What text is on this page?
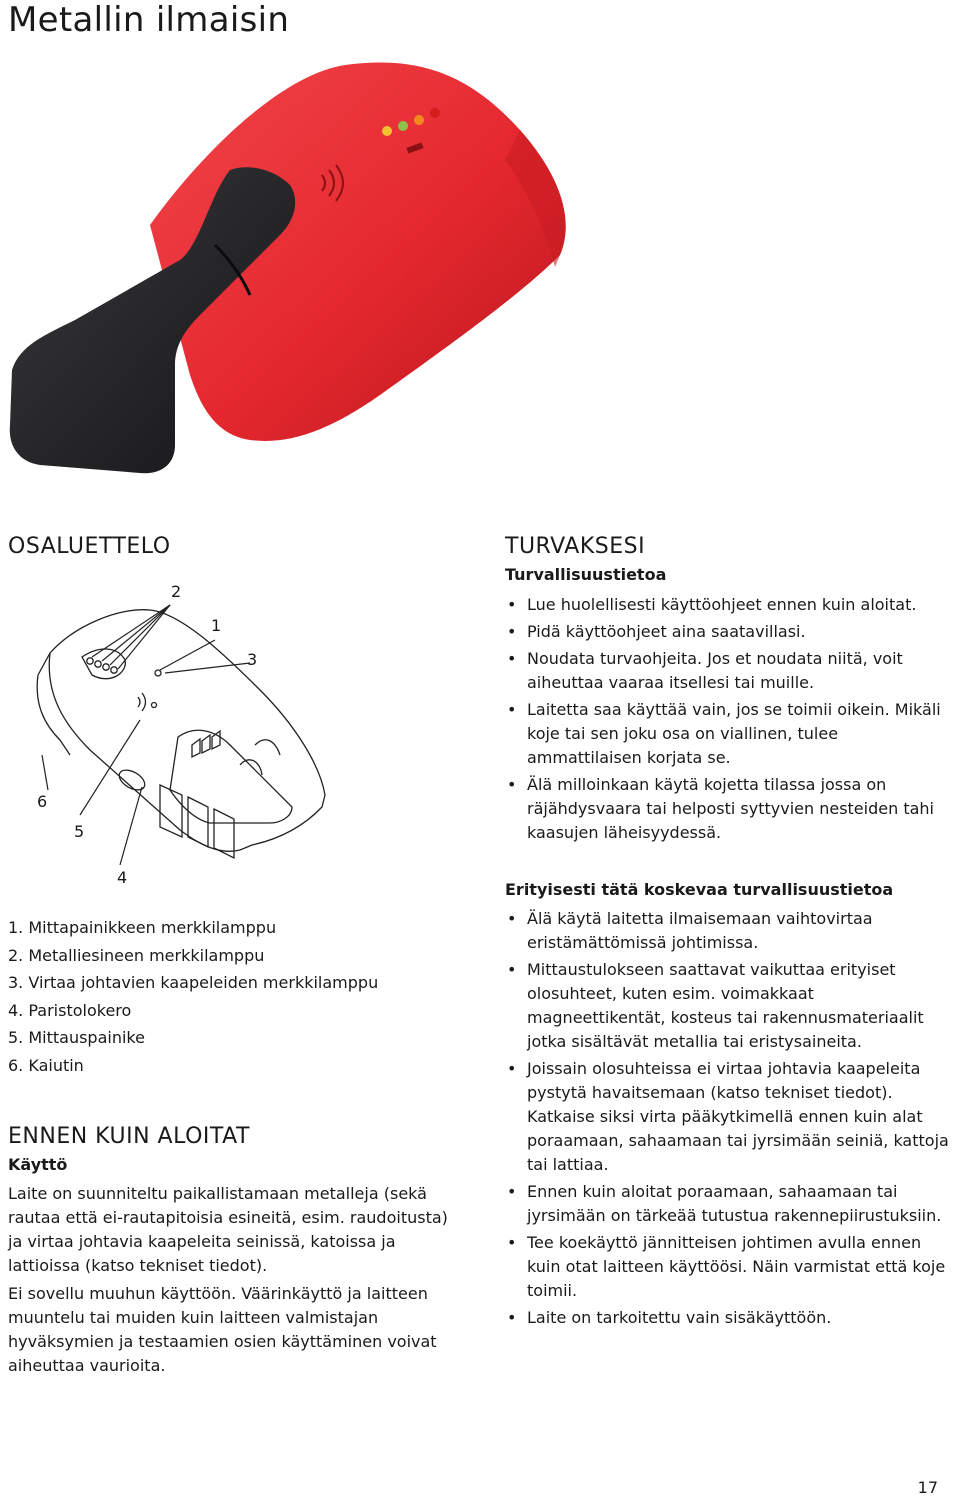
Metallin ilmaisin
OSALUETTELO
2
1
3
6
5
4
1. Mittapainikkeen merkkilamppu
2. Metalliesineen merkkilamppu
3. Virtaa johtavien kaapeleiden merkkilamppu
4. Paristolokero
5. Mittauspainike
6. Kaiutin
ENNEN KUIN ALOITAT
Käyttö

Laite on suunniteltu paikallistamaan metalleja (sekä rautaa että ei-rautapitoisia esineitä, esim. raudoitusta) ja virtaa johtavia kaapeleita seinissä, katoissa ja lattioissa (katso tekniset tiedot).

Ei sovellu muuhun käyttöön. Väärinkäyttö ja laitteen muuntelu tai muiden kuin laitteen valmistajan hyväksymien ja testaamien osien käyttäminen voivat aiheuttaa vaurioita.

TURVAKSESI
Turvallisuustietoa
• Lue huolellisesti käyttöohjeet ennen kuin aloitat.
• Pidä käyttöohjeet aina saatavillasi.
• Noudata turvaohjeita. Jos et noudata niitä, voit aiheuttaa vaaraa itsellesi tai muille.
• Laitetta saa käyttää vain, jos se toimii oikein. Mikäli koje tai sen joku osa on viallinen, tulee ammattilaisen korjata se.
• Älä milloinkaan käytä kojetta tilassa jossa on räjähdysvaara tai helposti syttyvien nesteiden tahi kaasujen läheisyydessä.
Erityisesti tätä koskevaa turvallisuustietoa
• Älä käytä laitetta ilmaisemaan vaihtovirtaa eristämättömissä johtimissa.
• Mittaustulokseen saattavat vaikuttaa erityiset olosuhteet, kuten esim. voimakkaat magneettikentät, kosteus tai rakennusmateriaalit jotka sisältävät metallia tai eristysaineita.
• Joissain olosuhteissa ei virtaa johtavia kaapeleita pystytä havaitsemaan (katso tekniset tiedot). Katkaise siksi virta pääkytkimellä ennen kuin alat poraamaan, sahaamaan tai jyrsimään seiniä, kattoja tai lattiaa.
• Ennen kuin aloitat poraamaan, sahaamaan tai jyrsimään on tärkeää tutustua rakennepiirustuksiin.
• Tee koekäyttö jännitteisen johtimen avulla ennen kuin otat laitteen käyttöösi. Näin varmistat että koje toimii.
• Laite on tarkoitettu vain sisäkäyttöön.
17
